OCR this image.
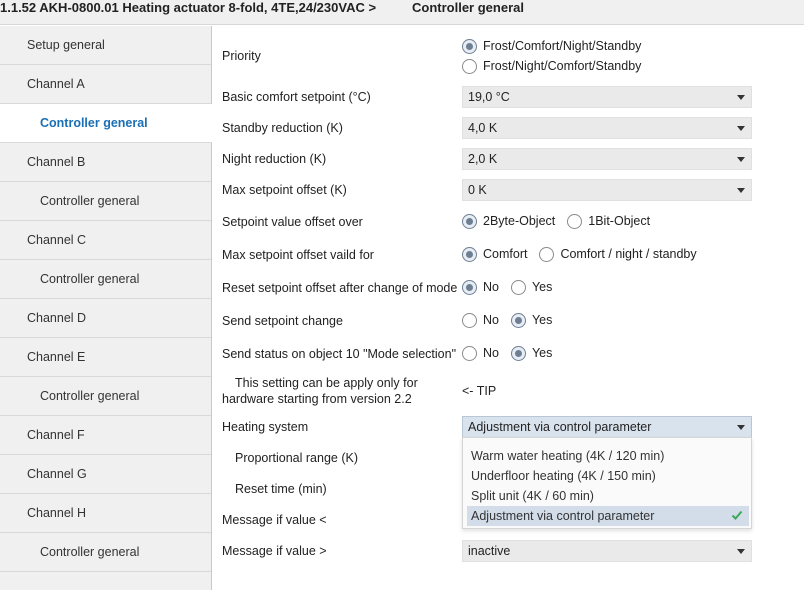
1.1.52 AKH-0800.01 Heating actuator 8-fold, 4TE,24/230VAC >	Controller general
Setup general
Channel A
Controller general
Channel B
Controller general
Channel C
Controller general
Channel D
Channel E
Controller general
Channel F
Channel G
Channel H
Controller general
Priority
Frost/Comfort/Night/Standby
Frost/Night/Comfort/Standby
Basic comfort setpoint (°C)	19,0 °C
Standby reduction (K)	4,0 K
Night reduction (K)	2,0 K
Max setpoint offset (K)	0 K
Setpoint value offset over	2Byte-Object	1Bit-Object
Max setpoint offset vaild for	Comfort	Comfort / night / standby
Reset setpoint offset after change of mode No	Yes
Send setpoint change	No	Yes
Send status on object 10 "Mode selection" No	Yes
This setting can be apply only for
hardware starting from version 2.2
<- TIP
Heating system	Adjustment via control parameter
Proportional range (K)
Reset time (min)
Message if value <
Message if value >	inactive
Warm water heating (4K / 120 min)
Underfloor heating (4K / 150 min)
Split unit (4K / 60 min)
Adjustment via control parameter
